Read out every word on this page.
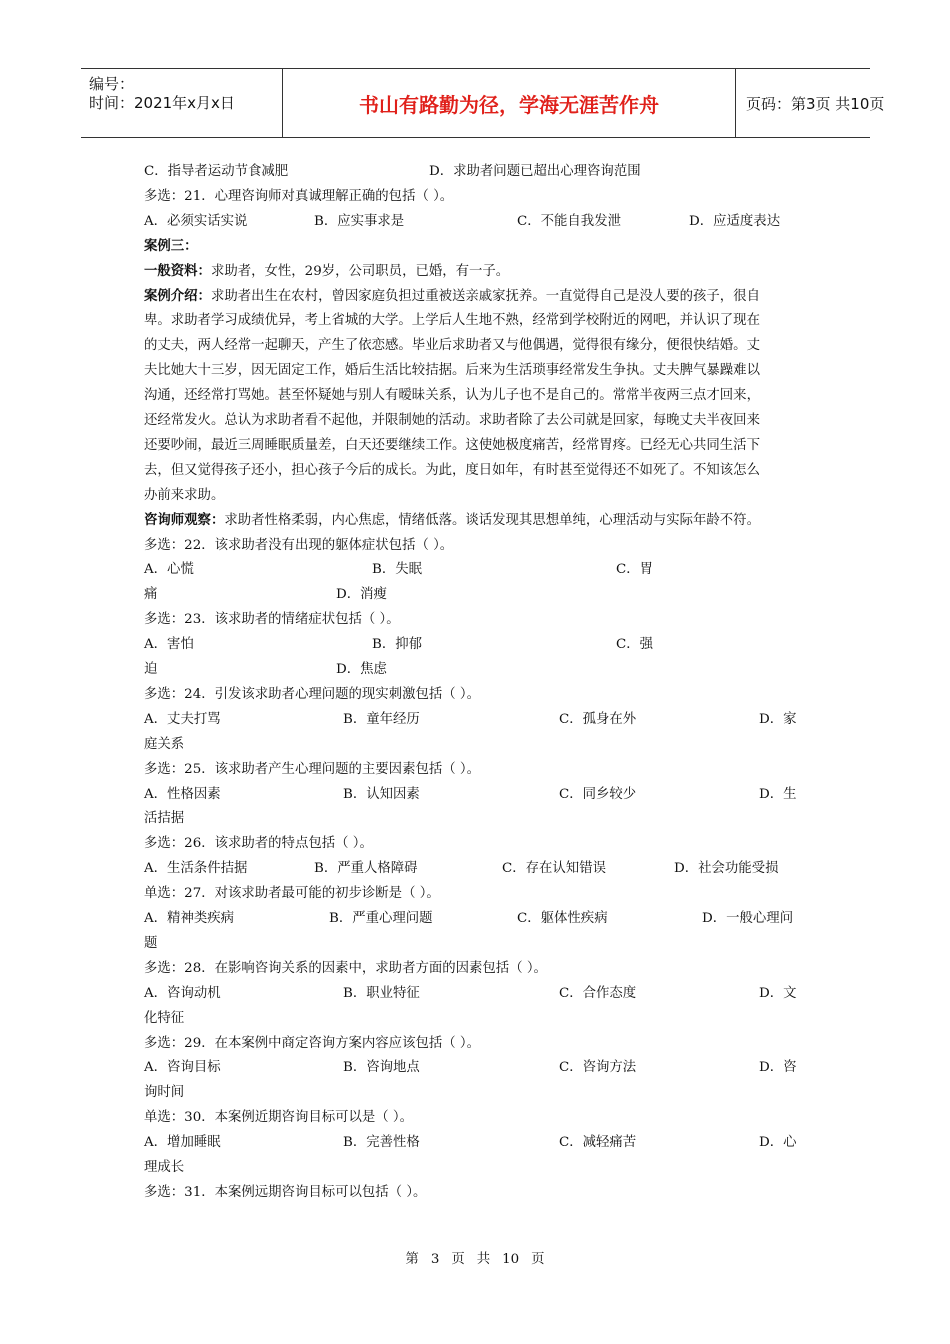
编号：
时间：2021年x月x日	书山有路勤为径，学海无涯苦作舟	页码：第3页 共10页
C．指导者运动节食减肥	D．求助者问题已超出心理咨询范围
多选：21．心理咨询师对真诚理解正确的包括（ ）。
A．必须实话实说	B．应实事求是	C．不能自我发泄	D．应适度表达
案例三：
一般资料：求助者，女性，29岁，公司职员，已婚，有一子。
案例介绍：求助者出生在农村，曾因家庭负担过重被送亲戚家抚养。一直觉得自己是没人要的孩子，很自
卑。求助者学习成绩优异，考上省城的大学。上学后人生地不熟，经常到学校附近的网吧，并认识了现在
的丈夫，两人经常一起聊天，产生了依恋感。毕业后求助者又与他偶遇，觉得很有缘分，便很快结婚。丈
夫比她大十三岁，因无固定工作，婚后生活比较拮据。后来为生活琐事经常发生争执。丈夫脾气暴躁难以
沟通，还经常打骂她。甚至怀疑她与别人有暧昧关系，认为儿子也不是自己的。常常半夜两三点才回来，
还经常发火。总认为求助者看不起他，并限制她的活动。求助者除了去公司就是回家，每晚丈夫半夜回来
还要吵闹，最近三周睡眠质量差，白天还要继续工作。这使她极度痛苦，经常胃疼。已经无心共同生活下
去，但又觉得孩子还小，担心孩子今后的成长。为此，度日如年，有时甚至觉得还不如死了。不知该怎么
办前来求助。
咨询师观察：求助者性格柔弱，内心焦虑，情绪低落。谈话发现其思想单纯，心理活动与实际年龄不符。
多选：22．该求助者没有出现的躯体症状包括（ ）。
A．心慌	B．失眠	C．胃
痛	D．消瘦
多选：23．该求助者的情绪症状包括（ ）。
A．害怕	B．抑郁	C．强
迫	D．焦虑
多选：24．引发该求助者心理问题的现实刺激包括（ ）。
A．丈夫打骂	B．童年经历	C．孤身在外	D．家
庭关系
多选：25．该求助者产生心理问题的主要因素包括（ ）。
A．性格因素	B．认知因素	C．同乡较少	D．生
活拮据
多选：26．该求助者的特点包括（ ）。
A．生活条件拮据	B．严重人格障碍	C．存在认知错误	D．社会功能受损
单选：27．对该求助者最可能的初步诊断是（ ）。
A．精神类疾病	B．严重心理问题	C．躯体性疾病	D．一般心理问
题
多选：28．在影响咨询关系的因素中，求助者方面的因素包括（ ）。
A．咨询动机	B．职业特征	C．合作态度	D．文
化特征
多选：29．在本案例中商定咨询方案内容应该包括（ ）。
A．咨询目标	B．咨询地点	C．咨询方法	D．咨
询时间
单选：30．本案例近期咨询目标可以是（ ）。
A．增加睡眠	B．完善性格	C．减轻痛苦	D．心
理成长
多选：31．本案例远期咨询目标可以包括（ ）。
第 3 页 共 10 页
